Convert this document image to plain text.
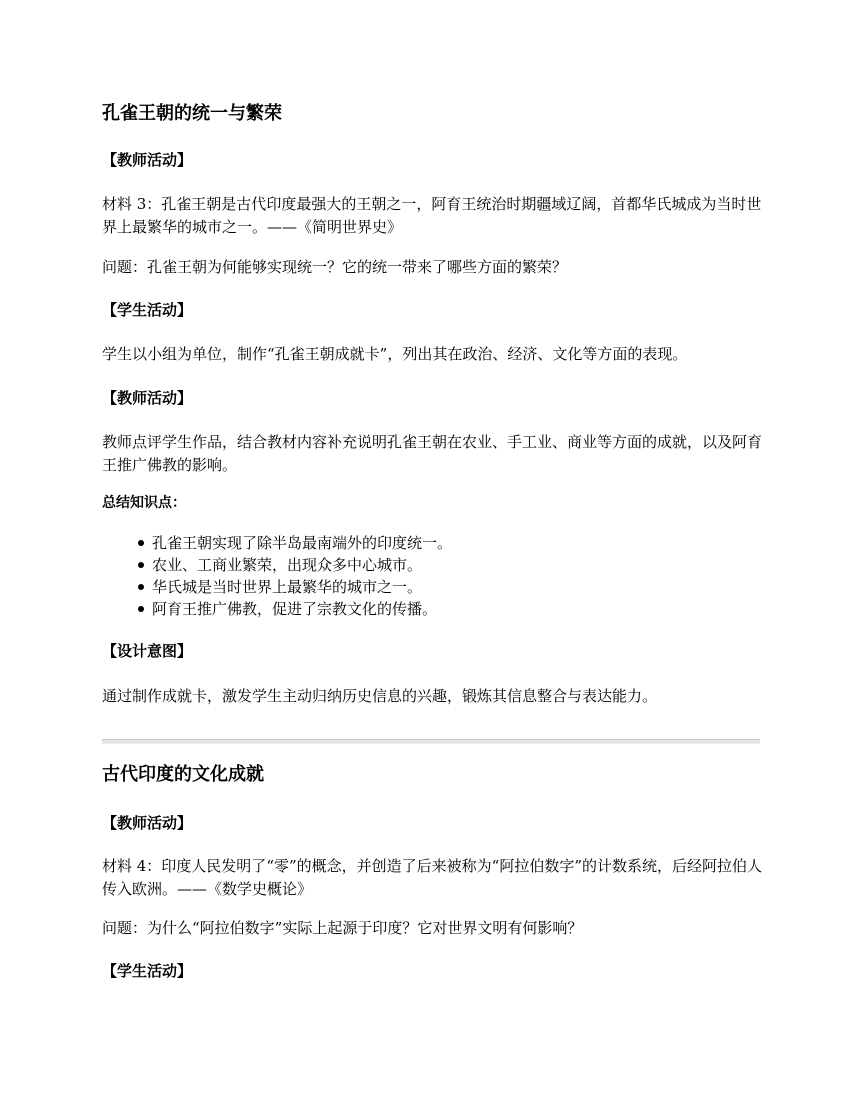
孔雀王朝的统一与繁荣
【教师活动】

材料 3：孔雀王朝是古代印度最强大的王朝之一，阿育王统治时期疆域辽阔，首都华氏城成为当时世界上最繁华的城市之一。——《简明世界史》

问题：孔雀王朝为何能够实现统一？它的统一带来了哪些方面的繁荣？

【学生活动】

学生以小组为单位，制作“孔雀王朝成就卡”，列出其在政治、经济、文化等方面的表现。

【教师活动】

教师点评学生作品，结合教材内容补充说明孔雀王朝在农业、手工业、商业等方面的成就，以及阿育王推广佛教的影响。

总结知识点：
孔雀王朝实现了除半岛最南端外的印度统一。
农业、工商业繁荣，出现众多中心城市。
华氏城是当时世界上最繁华的城市之一。
阿育王推广佛教，促进了宗教文化的传播。
【设计意图】

通过制作成就卡，激发学生主动归纳历史信息的兴趣，锻炼其信息整合与表达能力。

古代印度的文化成就
【教师活动】

材料 4：印度人民发明了“零”的概念，并创造了后来被称为“阿拉伯数字”的计数系统，后经阿拉伯人传入欧洲。——《数学史概论》

问题：为什么“阿拉伯数字”实际上起源于印度？它对世界文明有何影响？

【学生活动】
